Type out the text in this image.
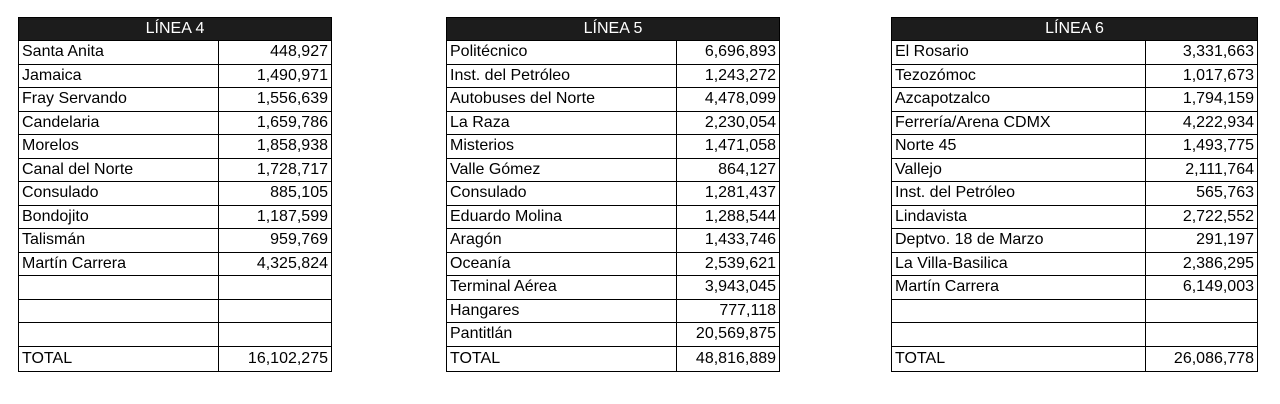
LÍNEA 4	
Santa Anita	448,927
Jamaica	1,490,971
Fray Servando	1,556,639
Candelaria	1,659,786
Morelos	1,858,938
Canal del Norte	1,728,717
Consulado	885,105
Bondojito	1,187,599
Talismán	959,769
Martín Carrera	4,325,824

TOTAL	16,102,275
LÍNEA 5	
Politécnico	6,696,893
Inst. del Petróleo	1,243,272
Autobuses del Norte	4,478,099
La Raza	2,230,054
Misterios	1,471,058
Valle Gómez	864,127
Consulado	1,281,437
Eduardo Molina	1,288,544
Aragón	1,433,746
Oceanía	2,539,621
Terminal Aérea	3,943,045
Hangares	777,118
Pantitlán	20,569,875
TOTAL	48,816,889
LÍNEA 6	
El Rosario	3,331,663
Tezozómoc	1,017,673
Azcapotzalco	1,794,159
Ferrería/Arena CDMX	4,222,934
Norte 45	1,493,775
Vallejo	2,111,764
Inst. del Petróleo	565,763
Lindavista	2,722,552
Deptvo. 18 de Marzo	291,197
La Villa-Basilica	2,386,295
Martín Carrera	6,149,003

TOTAL	26,086,778
